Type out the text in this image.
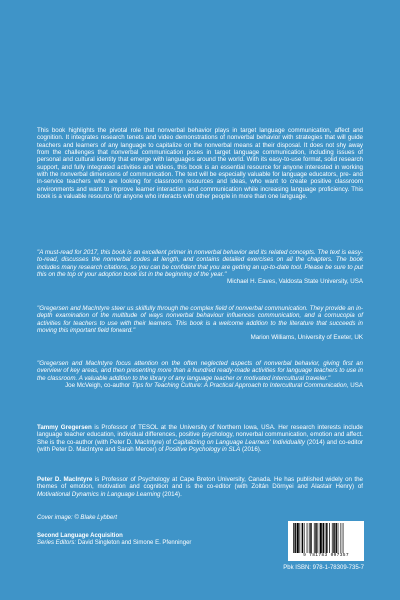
This book highlights the pivotal role that nonverbal behavior plays in target language communication, affect and cognition. It integrates research tenets and video demonstrations of nonverbal behavior with strategies that will guide teachers and learners of any language to capitalize on the nonverbal means at their disposal. It does not shy away from the challenges that nonverbal communication poses in target language communication, including issues of personal and cultural identity that emerge with languages around the world. With its easy-to-use format, solid research support, and fully integrated activities and videos, this book is an essential resource for anyone interested in working with the nonverbal dimensions of communication. The text will be especially valuable for language educators, pre- and in-service teachers who are looking for classroom resources and ideas, who want to create positive classroom environments and want to improve learner interaction and communication while increasing language proficiency. This book is a valuable resource for anyone who interacts with other people in more than one language.

"A must-read for 2017, this book is an excellent primer in nonverbal behavior and its related concepts. The text is easy-to-read, discusses the nonverbal codes at length, and contains detailed exercises on all the chapters. The book includes many research citations, so you can be confident that you are getting an up-to-date tool. Please be sure to put this on the top of your adoption book list in the beginning of the year."

Michael H. Eaves, Valdosta State University, USA

"Gregersen and MacIntyre steer us skilfully through the complex field of nonverbal communication. They provide an in-depth examination of the multitude of ways nonverbal behaviour influences communication, and a cornucopia of activities for teachers to use with their learners. This book is a welcome addition to the literature that succeeds in moving this important field forward."

Marion Williams, University of Exeter, UK

"Gregersen and MacIntyre focus attention on the often neglected aspects of nonverbal behavior, giving first an overview of key areas, and then presenting more than a hundred ready-made activities for language teachers to use in the classroom. A valuable addition to the library of any language teacher or motivated intercultural traveler."

Joe McVeigh, co-author Tips for Teaching Culture: A Practical Approach to Intercultural Communication, USA

Tammy Gregersen is Professor of TESOL at the University of Northern Iowa, USA. Her research interests include language teacher education, individual differences, positive psychology, nonverbal communication, emotion and affect. She is the co-author (with Peter D. MacIntyre) of Capitalizing on Language Learners' Individuality (2014) and co-editor (with Peter D. MacIntyre and Sarah Mercer) of Positive Psychology in SLA (2016).

Peter D. MacIntyre is Professor of Psychology at Cape Breton University, Canada. He has published widely on the themes of emotion, motivation and cognition and is the co-editor (with Zoltán Dörnyei and Alastair Henry) of Motivational Dynamics in Language Learning (2014).

Cover image: © Blake Lybbert

Second Language Acquisition

Series Editors: David Singleton and Simone E. Pfenninger

9 781783 097357

Pbk ISBN: 978-1-78309-735-7
